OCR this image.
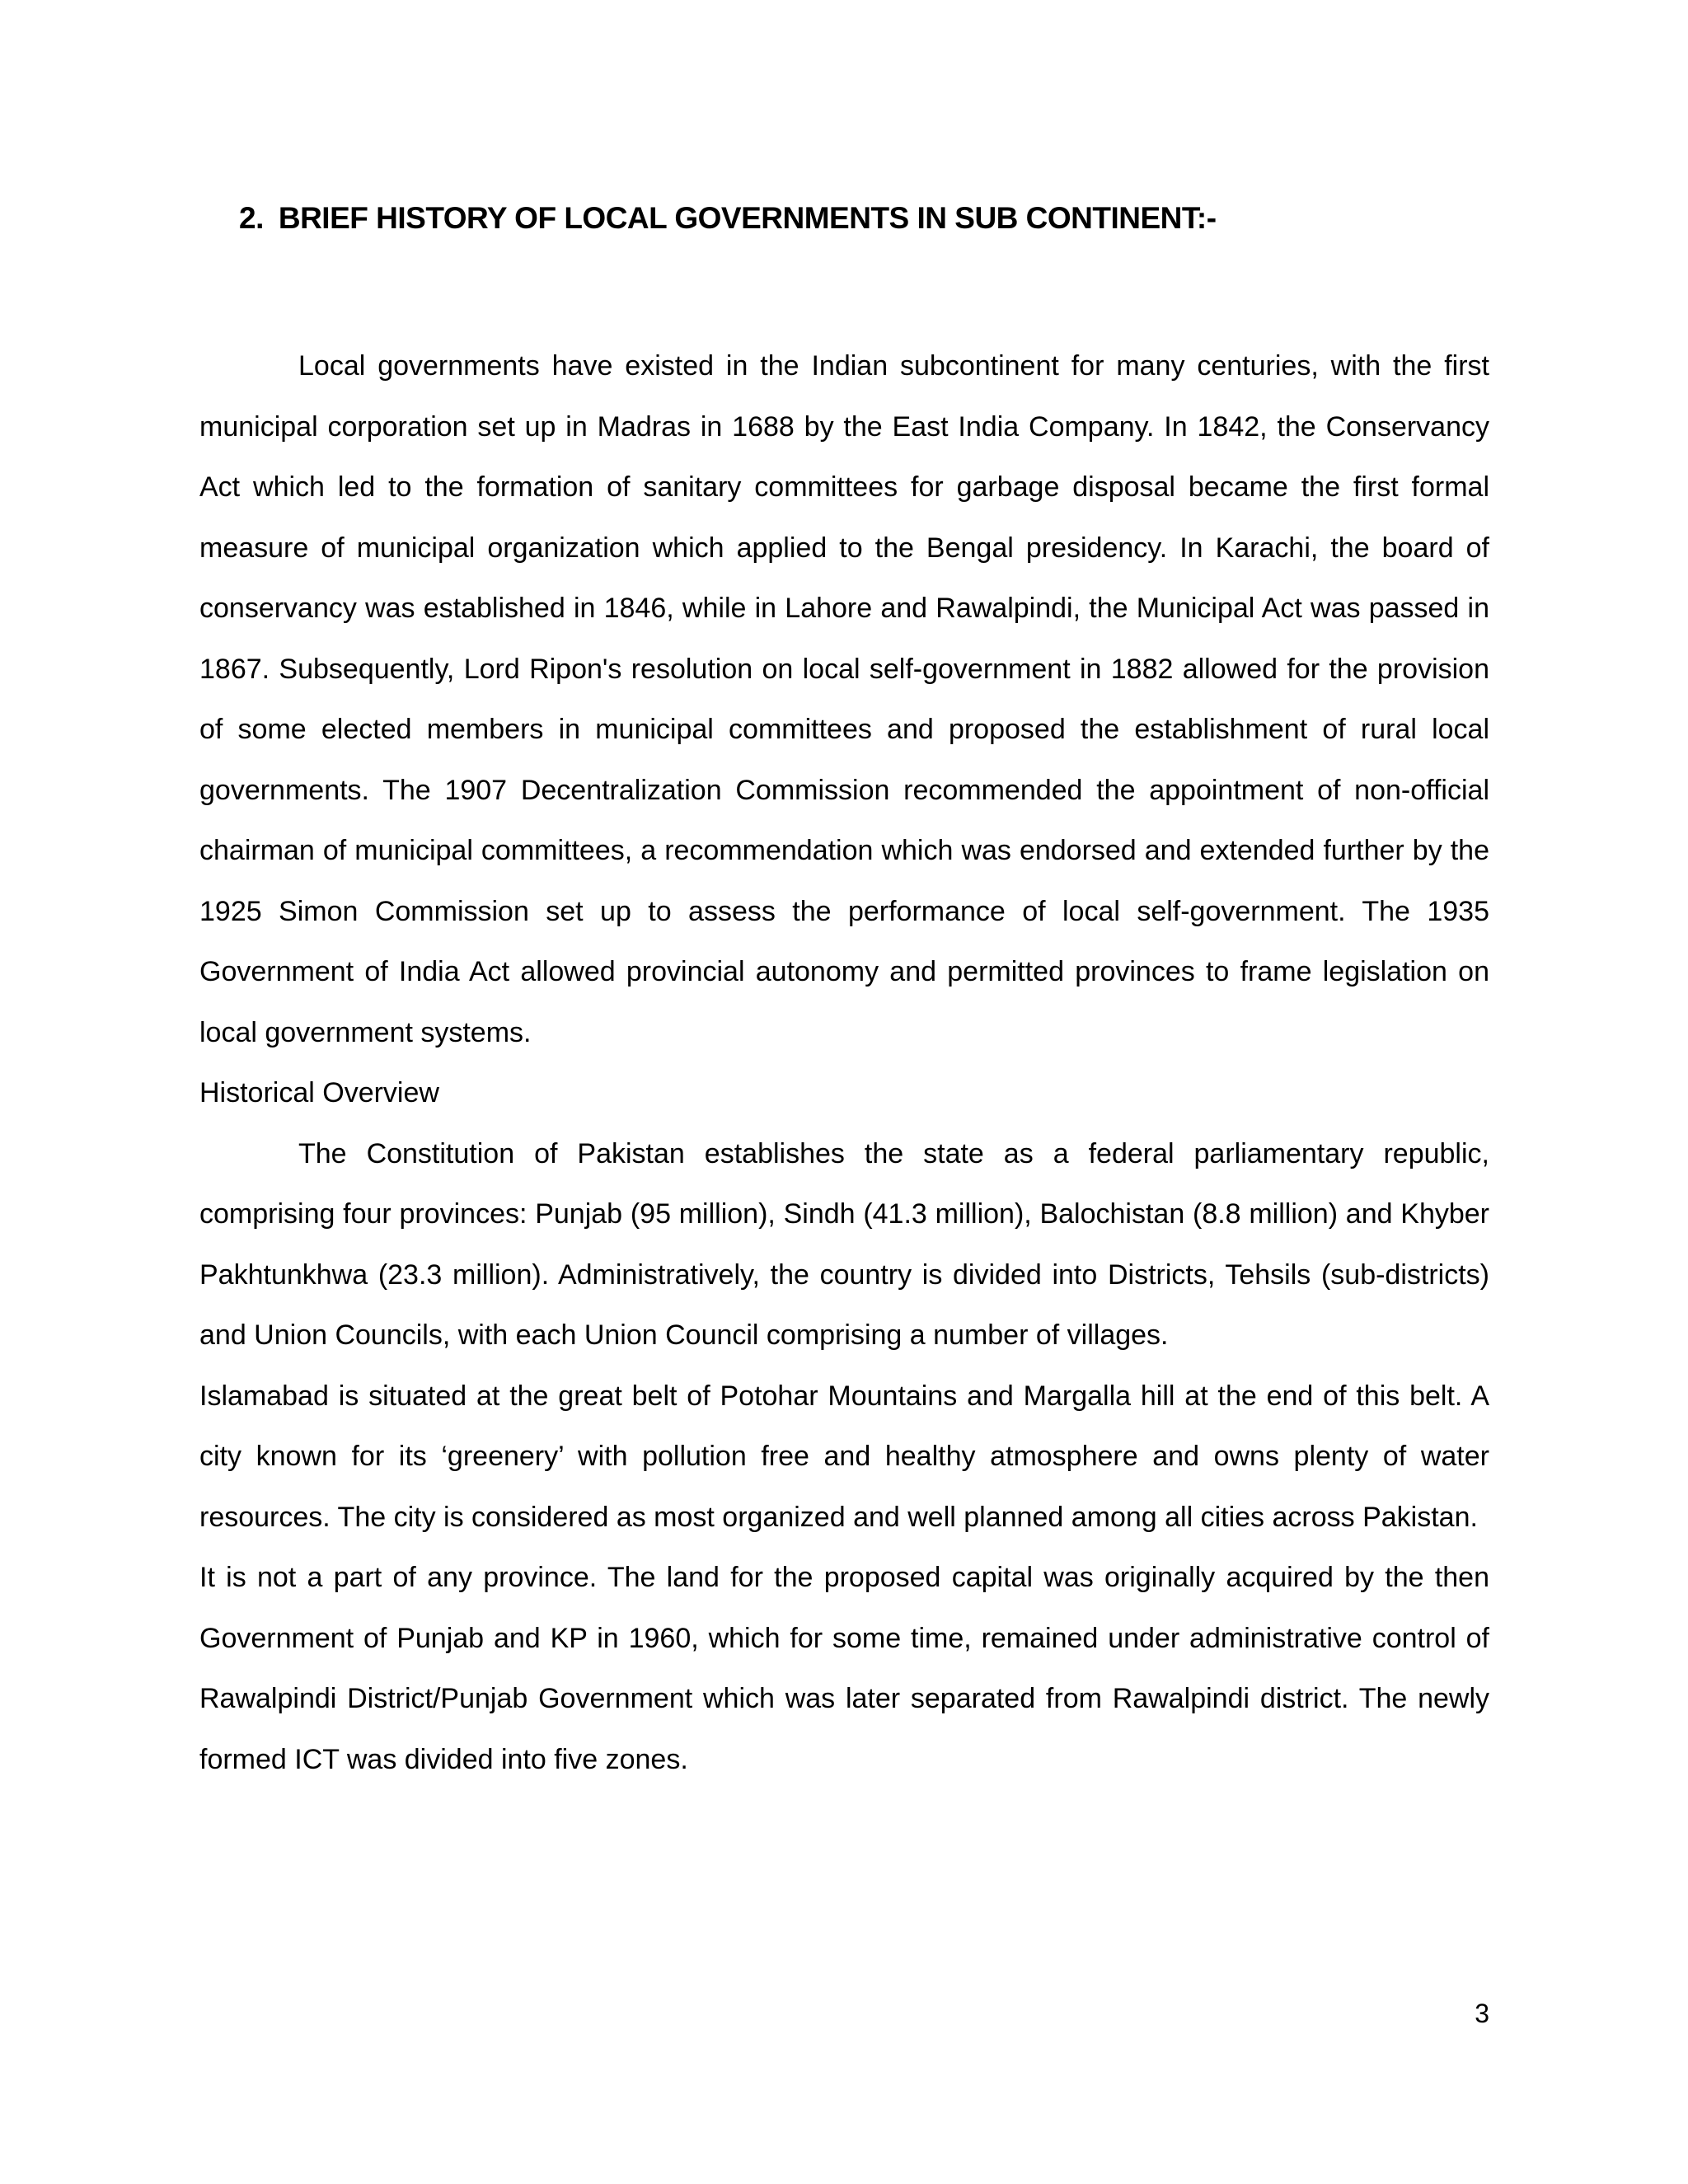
2. BRIEF HISTORY OF LOCAL GOVERNMENTS IN SUB CONTINENT:-

Local governments have existed in the Indian subcontinent for many centuries, with the first municipal corporation set up in Madras in 1688 by the East India Company. In 1842, the Conservancy Act which led to the formation of sanitary committees for garbage disposal became the first formal measure of municipal organization which applied to the Bengal presidency. In Karachi, the board of conservancy was established in 1846, while in Lahore and Rawalpindi, the Municipal Act was passed in 1867. Subsequently, Lord Ripon's resolution on local self-government in 1882 allowed for the provision of some elected members in municipal committees and proposed the establishment of rural local governments. The 1907 Decentralization Commission recommended the appointment of non-official chairman of municipal committees, a recommendation which was endorsed and extended further by the 1925 Simon Commission set up to assess the performance of local self-government. The 1935 Government of India Act allowed provincial autonomy and permitted provinces to frame legislation on local government systems.

Historical Overview

The Constitution of Pakistan establishes the state as a federal parliamentary republic, comprising four provinces: Punjab (95 million), Sindh (41.3 million), Balochistan (8.8 million) and Khyber Pakhtunkhwa (23.3 million). Administratively, the country is divided into Districts, Tehsils (sub-districts) and Union Councils, with each Union Council comprising a number of villages.

Islamabad is situated at the great belt of Potohar Mountains and Margalla hill at the end of this belt. A city known for its ‘greenery’ with pollution free and healthy atmosphere and owns plenty of water resources. The city is considered as most organized and well planned among all cities across Pakistan.

It is not a part of any province. The land for the proposed capital was originally acquired by the then Government of Punjab and KP in 1960, which for some time, remained under administrative control of Rawalpindi District/Punjab Government which was later separated from Rawalpindi district. The newly formed ICT was divided into five zones.

3
